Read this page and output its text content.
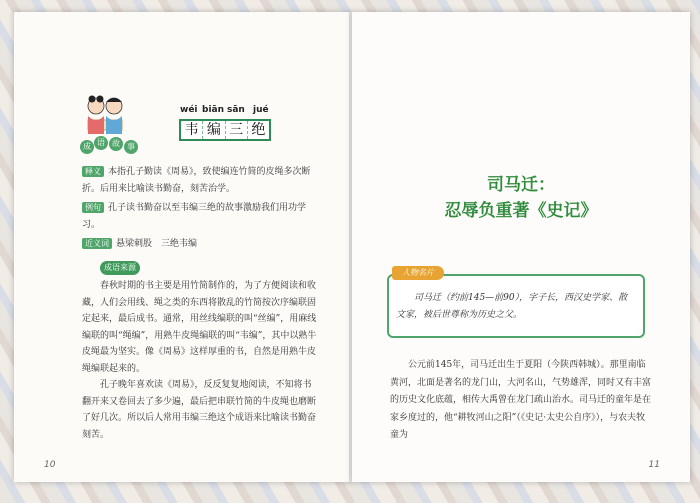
成 语 故 事
wéi biān sān jué
韦 编 三 绝
释义 本指孔子勤读《周易》，致使编连竹简的皮绳多次断折。后用来比喻读书勤奋，刻苦治学。
例句 孔子读书勤奋以至韦编三绝的故事激励我们用功学习。
近义词 悬梁刺股　三绝韦编
成语来源
春秋时期的书主要是用竹简制作的，为了方便阅读和收藏，人们会用线、绳之类的东西将散乱的竹简按次序编联固定起来，最后成书。通常，用丝线编联的叫“丝编”，用麻线编联的叫“绳编”，用熟牛皮绳编联的叫“韦编”，其中以熟牛皮绳最为坚实。像《周易》这样厚重的书，自然是用熟牛皮绳编联起来的。
孔子晚年喜欢读《周易》，反反复复地阅读，不知将书翻开来又卷回去了多少遍，最后把串联竹简的牛皮绳也磨断了好几次。所以后人常用韦编三绝这个成语来比喻读书勤奋刻苦。
10
司马迁：
忍辱负重著《史记》
人物名片
司马迁（约前145—前90），字子长，西汉史学家、散文家，被后世尊称为历史之父。
公元前145年，司马迁出生于夏阳（今陕西韩城）。那里南临黄河，北面是著名的龙门山，大河名山，气势雄浑，同时又有丰富的历史文化底蕴，相传大禹曾在龙门疏山治水。司马迁的童年是在家乡度过的，他“耕牧河山之阳”（《史记·太史公自序》），与农夫牧童为
11
